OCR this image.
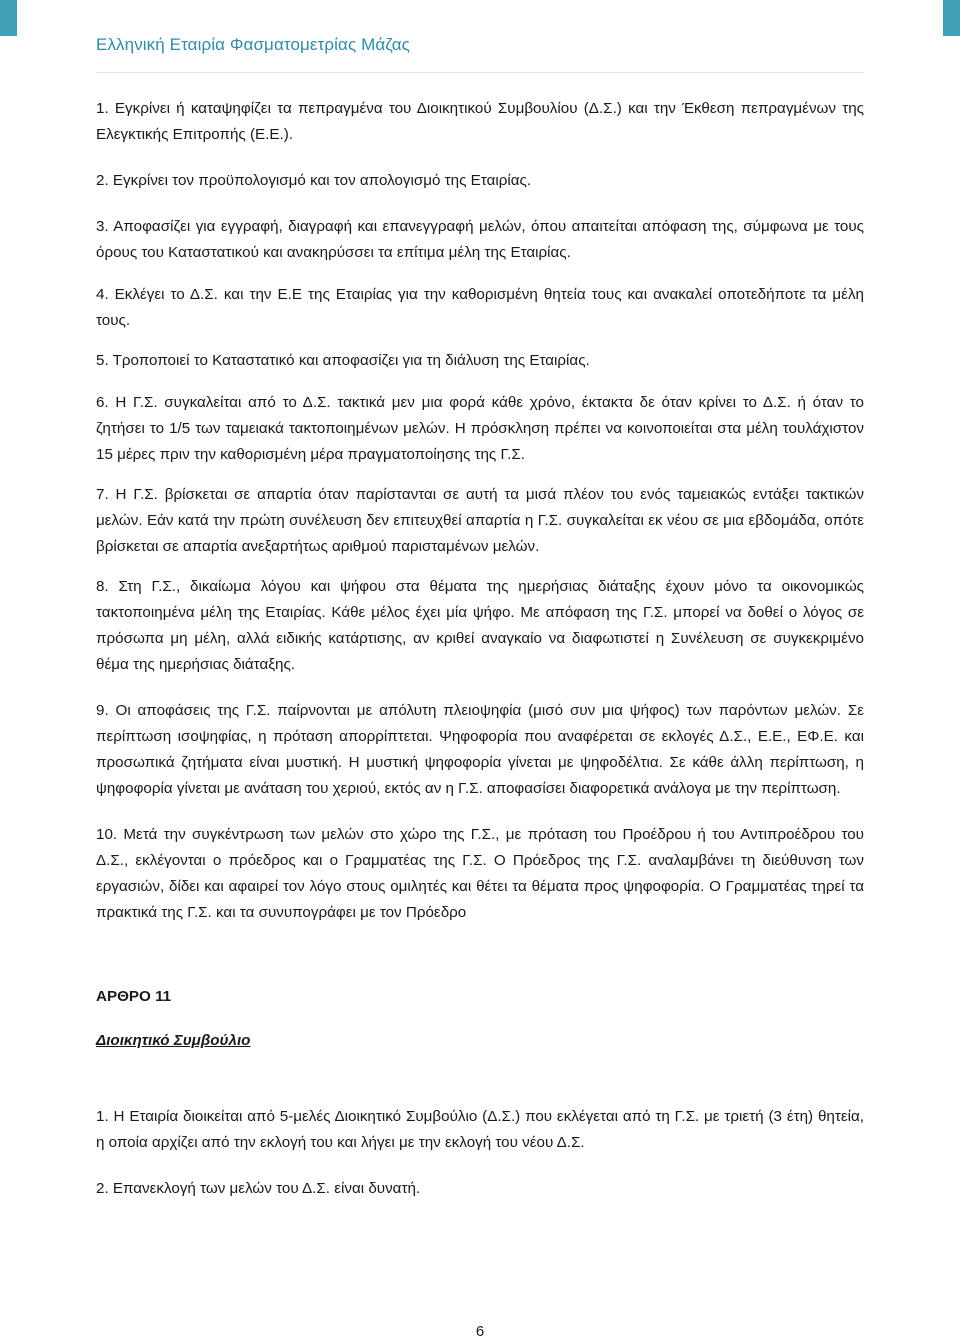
Ελληνική Εταιρία Φασματομετρίας Μάζας

1. Εγκρίνει ή καταψηφίζει τα πεπραγμένα του Διοικητικού Συμβουλίου (Δ.Σ.) και την Έκθεση πεπραγμένων της Ελεγκτικής Επιτροπής (Ε.Ε.).

2. Εγκρίνει τον προϋπολογισμό και τον απολογισμό της Εταιρίας.

3. Αποφασίζει για εγγραφή, διαγραφή και επανεγγραφή μελών, όπου απαιτείται απόφαση της, σύμφωνα με τους όρους του Καταστατικού και ανακηρύσσει τα επίτιμα μέλη της Εταιρίας.

4. Εκλέγει το Δ.Σ. και την Ε.Ε της Εταιρίας για την καθορισμένη θητεία τους και ανακαλεί οποτεδήποτε τα μέλη τους.

5. Τροποποιεί το Καταστατικό και αποφασίζει για τη διάλυση της Εταιρίας.

6. Η Γ.Σ. συγκαλείται από το Δ.Σ. τακτικά μεν μια φορά κάθε χρόνο, έκτακτα δε όταν κρίνει το Δ.Σ. ή όταν το ζητήσει το 1/5 των ταμειακά τακτοποιημένων μελών. Η πρόσκληση πρέπει να κοινοποιείται στα μέλη τουλάχιστον 15 μέρες πριν την καθορισμένη μέρα πραγματοποίησης της Γ.Σ.

7. Η Γ.Σ. βρίσκεται σε απαρτία όταν παρίστανται σε αυτή τα μισά πλέον του ενός ταμειακώς εντάξει τακτικών μελών. Εάν κατά την πρώτη συνέλευση δεν επιτευχθεί απαρτία η Γ.Σ. συγκαλείται εκ νέου σε μια εβδομάδα, οπότε βρίσκεται σε απαρτία ανεξαρτήτως αριθμού παρισταμένων μελών.

8. Στη Γ.Σ., δικαίωμα λόγου και ψήφου στα θέματα της ημερήσιας διάταξης έχουν μόνο τα οικονομικώς τακτοποιημένα μέλη της Εταιρίας. Κάθε μέλος έχει μία ψήφο. Με απόφαση της Γ.Σ. μπορεί να δοθεί ο λόγος σε πρόσωπα μη μέλη, αλλά ειδικής κατάρτισης, αν κριθεί αναγκαίο να διαφωτιστεί η Συνέλευση σε συγκεκριμένο θέμα της ημερήσιας διάταξης.

9. Οι αποφάσεις της Γ.Σ. παίρνονται με απόλυτη πλειοψηφία (μισό συν μια ψήφος) των παρόντων μελών. Σε περίπτωση ισοψηφίας, η πρόταση απορρίπτεται. Ψηφοφορία που αναφέρεται σε εκλογές Δ.Σ., Ε.Ε., ΕΦ.Ε. και προσωπικά ζητήματα είναι μυστική. Η μυστική ψηφοφορία γίνεται με ψηφοδέλτια. Σε κάθε άλλη περίπτωση, η ψηφοφορία γίνεται με ανάταση του χεριού, εκτός αν η Γ.Σ. αποφασίσει διαφορετικά ανάλογα με την περίπτωση.

10. Μετά την συγκέντρωση των μελών στο χώρο της Γ.Σ., με πρόταση του Προέδρου ή του Αντιπροέδρου του Δ.Σ., εκλέγονται ο πρόεδρος και ο Γραμματέας της Γ.Σ. Ο Πρόεδρος της Γ.Σ. αναλαμβάνει τη διεύθυνση των εργασιών, δίδει και αφαιρεί τον λόγο στους ομιλητές και θέτει τα θέματα προς ψηφοφορία. Ο Γραμματέας τηρεί τα πρακτικά της Γ.Σ. και τα συνυπογράφει με τον Πρόεδρο

ΑΡΘΡΟ 11

Διοικητικό Συμβούλιο

1. Η Εταιρία διοικείται από 5-μελές Διοικητικό Συμβούλιο (Δ.Σ.) που εκλέγεται από τη Γ.Σ. με τριετή (3 έτη) θητεία, η οποία αρχίζει από την εκλογή του και λήγει με την εκλογή του νέου Δ.Σ.

2. Επανεκλογή των μελών του Δ.Σ. είναι δυνατή.

6
